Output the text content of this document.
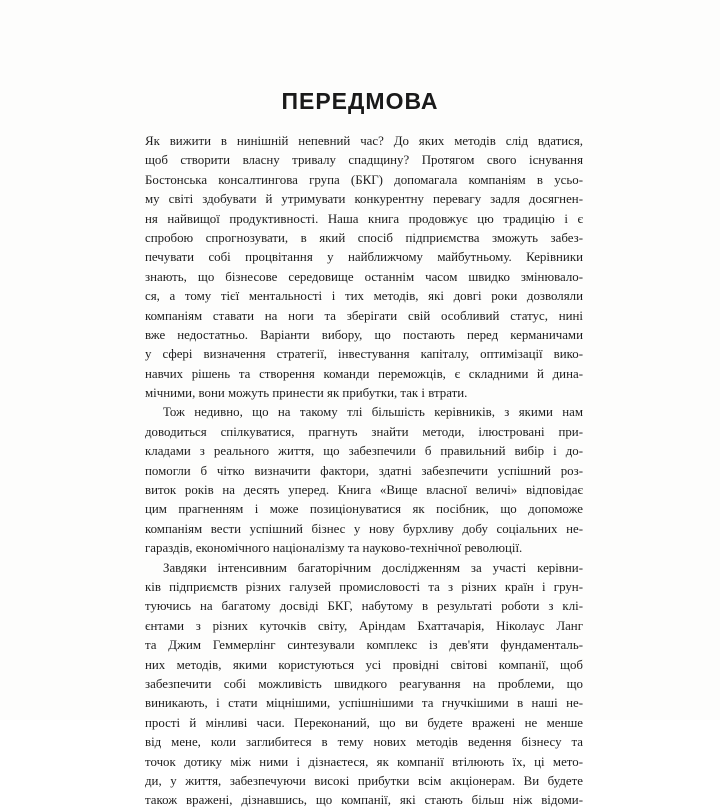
ПЕРЕДМОВА
Як вижити в нинішній непевний час? До яких методів слід вдатися,
щоб створити власну тривалу спадщину? Протягом свого існування
Бостонська консалтингова група (БКГ) допомагала компаніям в усьо-
му світі здобувати й утримувати конкурентну перевагу задля досягнен-
ня найвищої продуктивності. Наша книга продовжує цю традицію і є
спробою спрогнозувати, в який спосіб підприємства зможуть забез-
печувати собі процвітання у найближчому майбутньому. Керівники
знають, що бізнесове середовище останнім часом швидко змінювало-
ся, а тому тієї ментальності і тих методів, які довгі роки дозволяли
компаніям ставати на ноги та зберігати свій особливий статус, нині
вже недостатньо. Варіанти вибору, що постають перед керманичами
у сфері визначення стратегії, інвестування капіталу, оптимізації вико-
навчих рішень та створення команди переможців, є складними й дина-
мічними, вони можуть принести як прибутки, так і втрати.
Тож недивно, що на такому тлі більшість керівників, з якими нам
доводиться спілкуватися, прагнуть знайти методи, ілюстровані при-
кладами з реального життя, що забезпечили б правильний вибір і до-
помогли б чітко визначити фактори, здатні забезпечити успішний роз-
виток років на десять уперед. Книга «Вище власної величі» відповідає
цим прагненням і може позиціонуватися як посібник, що допоможе
компаніям вести успішний бізнес у нову бурхливу добу соціальних не-
гараздів, економічного націоналізму та науково-технічної революції.
Завдяки інтенсивним багаторічним дослідженням за участі керівни-
ків підприємств різних галузей промисловості та з різних країн і грун-
туючись на багатому досвіді БКГ, набутому в результаті роботи з клі-
єнтами з різних куточків світу, Аріндам Бхаттачарія, Ніколаус Ланг
та Джим Геммерлінг синтезували комплекс із дев'яти фундаменталь-
них методів, якими користуються усі провідні світові компанії, щоб
забезпечити собі можливість швидкого реагування на проблеми, що
виникають, і стати міцнішими, успішнішими та гнучкішими в наші не-
прості й мінливі часи. Переконаний, що ви будете вражені не менше
від мене, коли заглибитеся в тему нових методів ведення бізнесу та
точок дотику між ними і дізнаєтеся, як компанії втілюють їх, ці мето-
ди, у життя, забезпечуючи високі прибутки всім акціонерам. Ви будете
також вражені, дізнавшись, що компанії, які стають більш ніж відоми-
